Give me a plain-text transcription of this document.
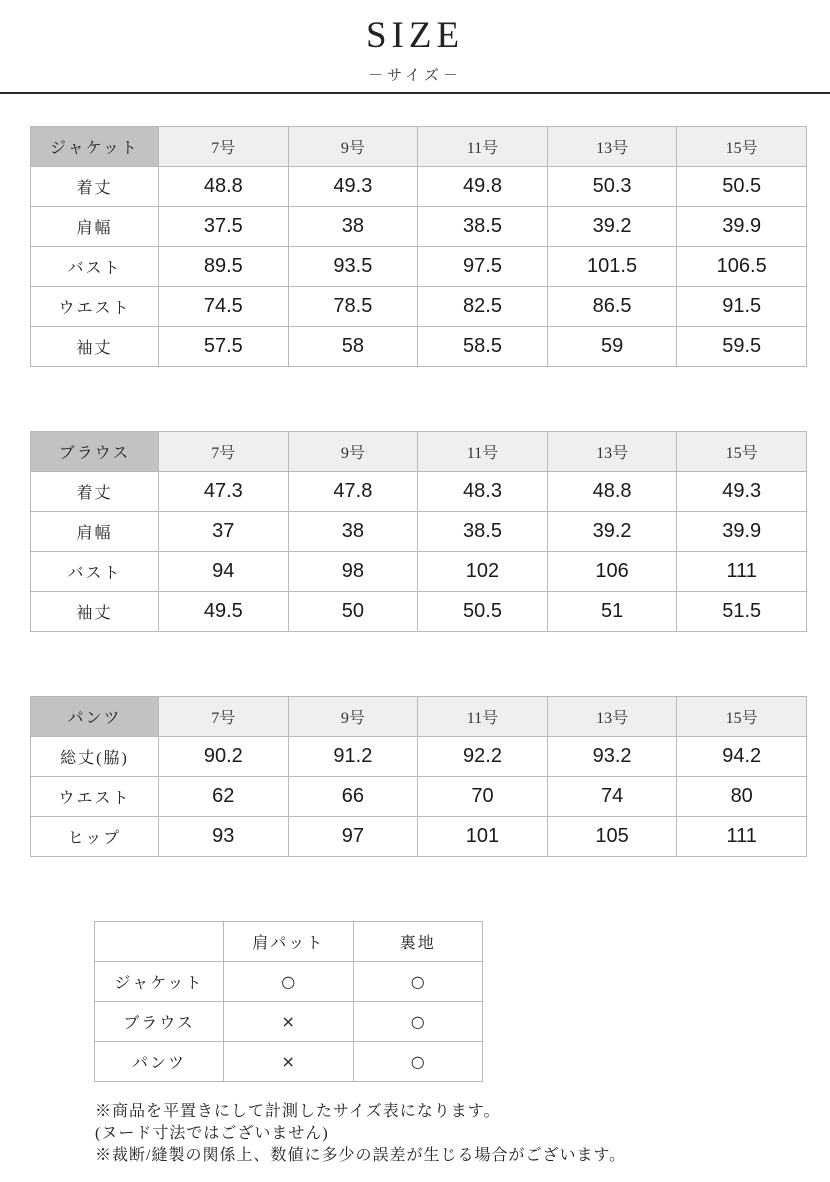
SIZE
－サイズ－
ジャケット	7号	9号	11号	13号	15号
着丈	48.8	49.3	49.8	50.3	50.5
肩幅	37.5	38	38.5	39.2	39.9
バスト	89.5	93.5	97.5	101.5	106.5
ウエスト	74.5	78.5	82.5	86.5	91.5
袖丈	57.5	58	58.5	59	59.5
ブラウス	7号	9号	11号	13号	15号
着丈	47.3	47.8	48.3	48.8	49.3
肩幅	37	38	38.5	39.2	39.9
バスト	94	98	102	106	111
袖丈	49.5	50	50.5	51	51.5
パンツ	7号	9号	11号	13号	15号
総丈(脇)	90.2	91.2	92.2	93.2	94.2
ウエスト	62	66	70	74	80
ヒップ	93	97	101	105	111
	肩パット	裏地
ジャケット	○	○
ブラウス	×	○
パンツ	×	○
※商品を平置きにして計測したサイズ表になります。
(ヌード寸法ではございません)
※裁断/縫製の関係上、数値に多少の誤差が生じる場合がございます。
